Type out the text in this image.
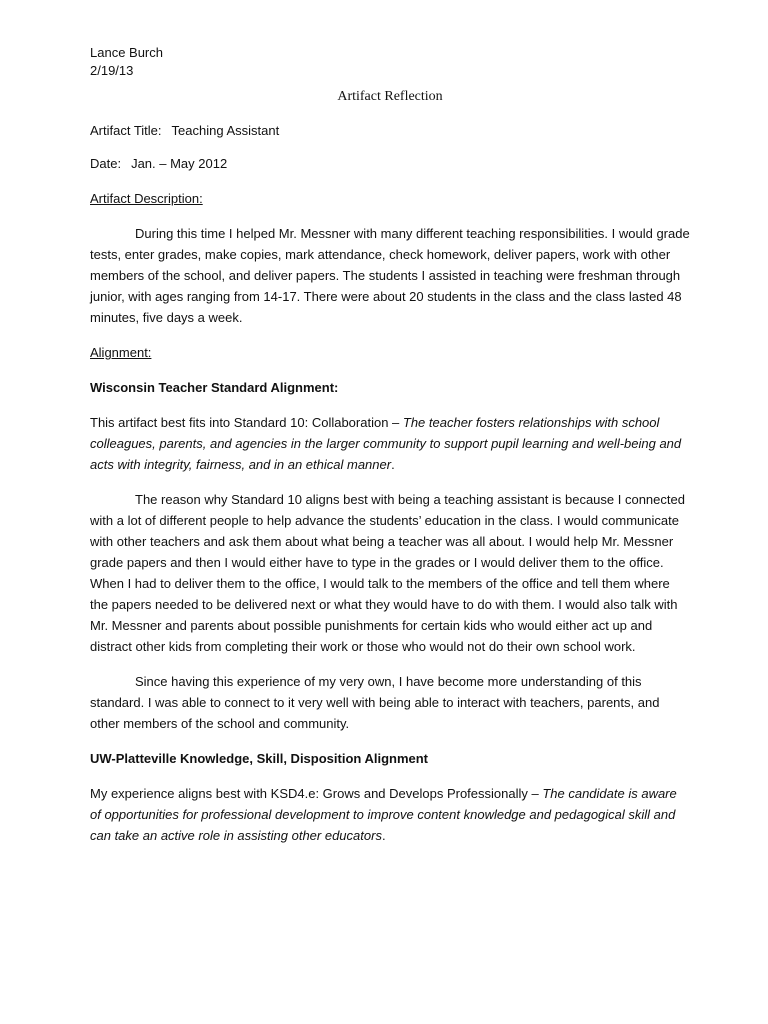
Lance Burch

2/19/13

Artifact Reflection

Artifact Title: Teaching Assistant

Date: Jan. – May 2012

Artifact Description:

During this time I helped Mr. Messner with many different teaching responsibilities. I would grade tests, enter grades, make copies, mark attendance, check homework, deliver papers, work with other members of the school, and deliver papers. The students I assisted in teaching were freshman through junior, with ages ranging from 14-17. There were about 20 students in the class and the class lasted 48 minutes, five days a week.

Alignment:

Wisconsin Teacher Standard Alignment:

This artifact best fits into Standard 10: Collaboration – The teacher fosters relationships with school colleagues, parents, and agencies in the larger community to support pupil learning and well-being and acts with integrity, fairness, and in an ethical manner.

The reason why Standard 10 aligns best with being a teaching assistant is because I connected with a lot of different people to help advance the students’ education in the class. I would communicate with other teachers and ask them about what being a teacher was all about. I would help Mr. Messner grade papers and then I would either have to type in the grades or I would deliver them to the office. When I had to deliver them to the office, I would talk to the members of the office and tell them where the papers needed to be delivered next or what they would have to do with them. I would also talk with Mr. Messner and parents about possible punishments for certain kids who would either act up and distract other kids from completing their work or those who would not do their own school work.

Since having this experience of my very own, I have become more understanding of this standard. I was able to connect to it very well with being able to interact with teachers, parents, and other members of the school and community.

UW-Platteville Knowledge, Skill, Disposition Alignment

My experience aligns best with KSD4.e: Grows and Develops Professionally – The candidate is aware of opportunities for professional development to improve content knowledge and pedagogical skill and can take an active role in assisting other educators.
